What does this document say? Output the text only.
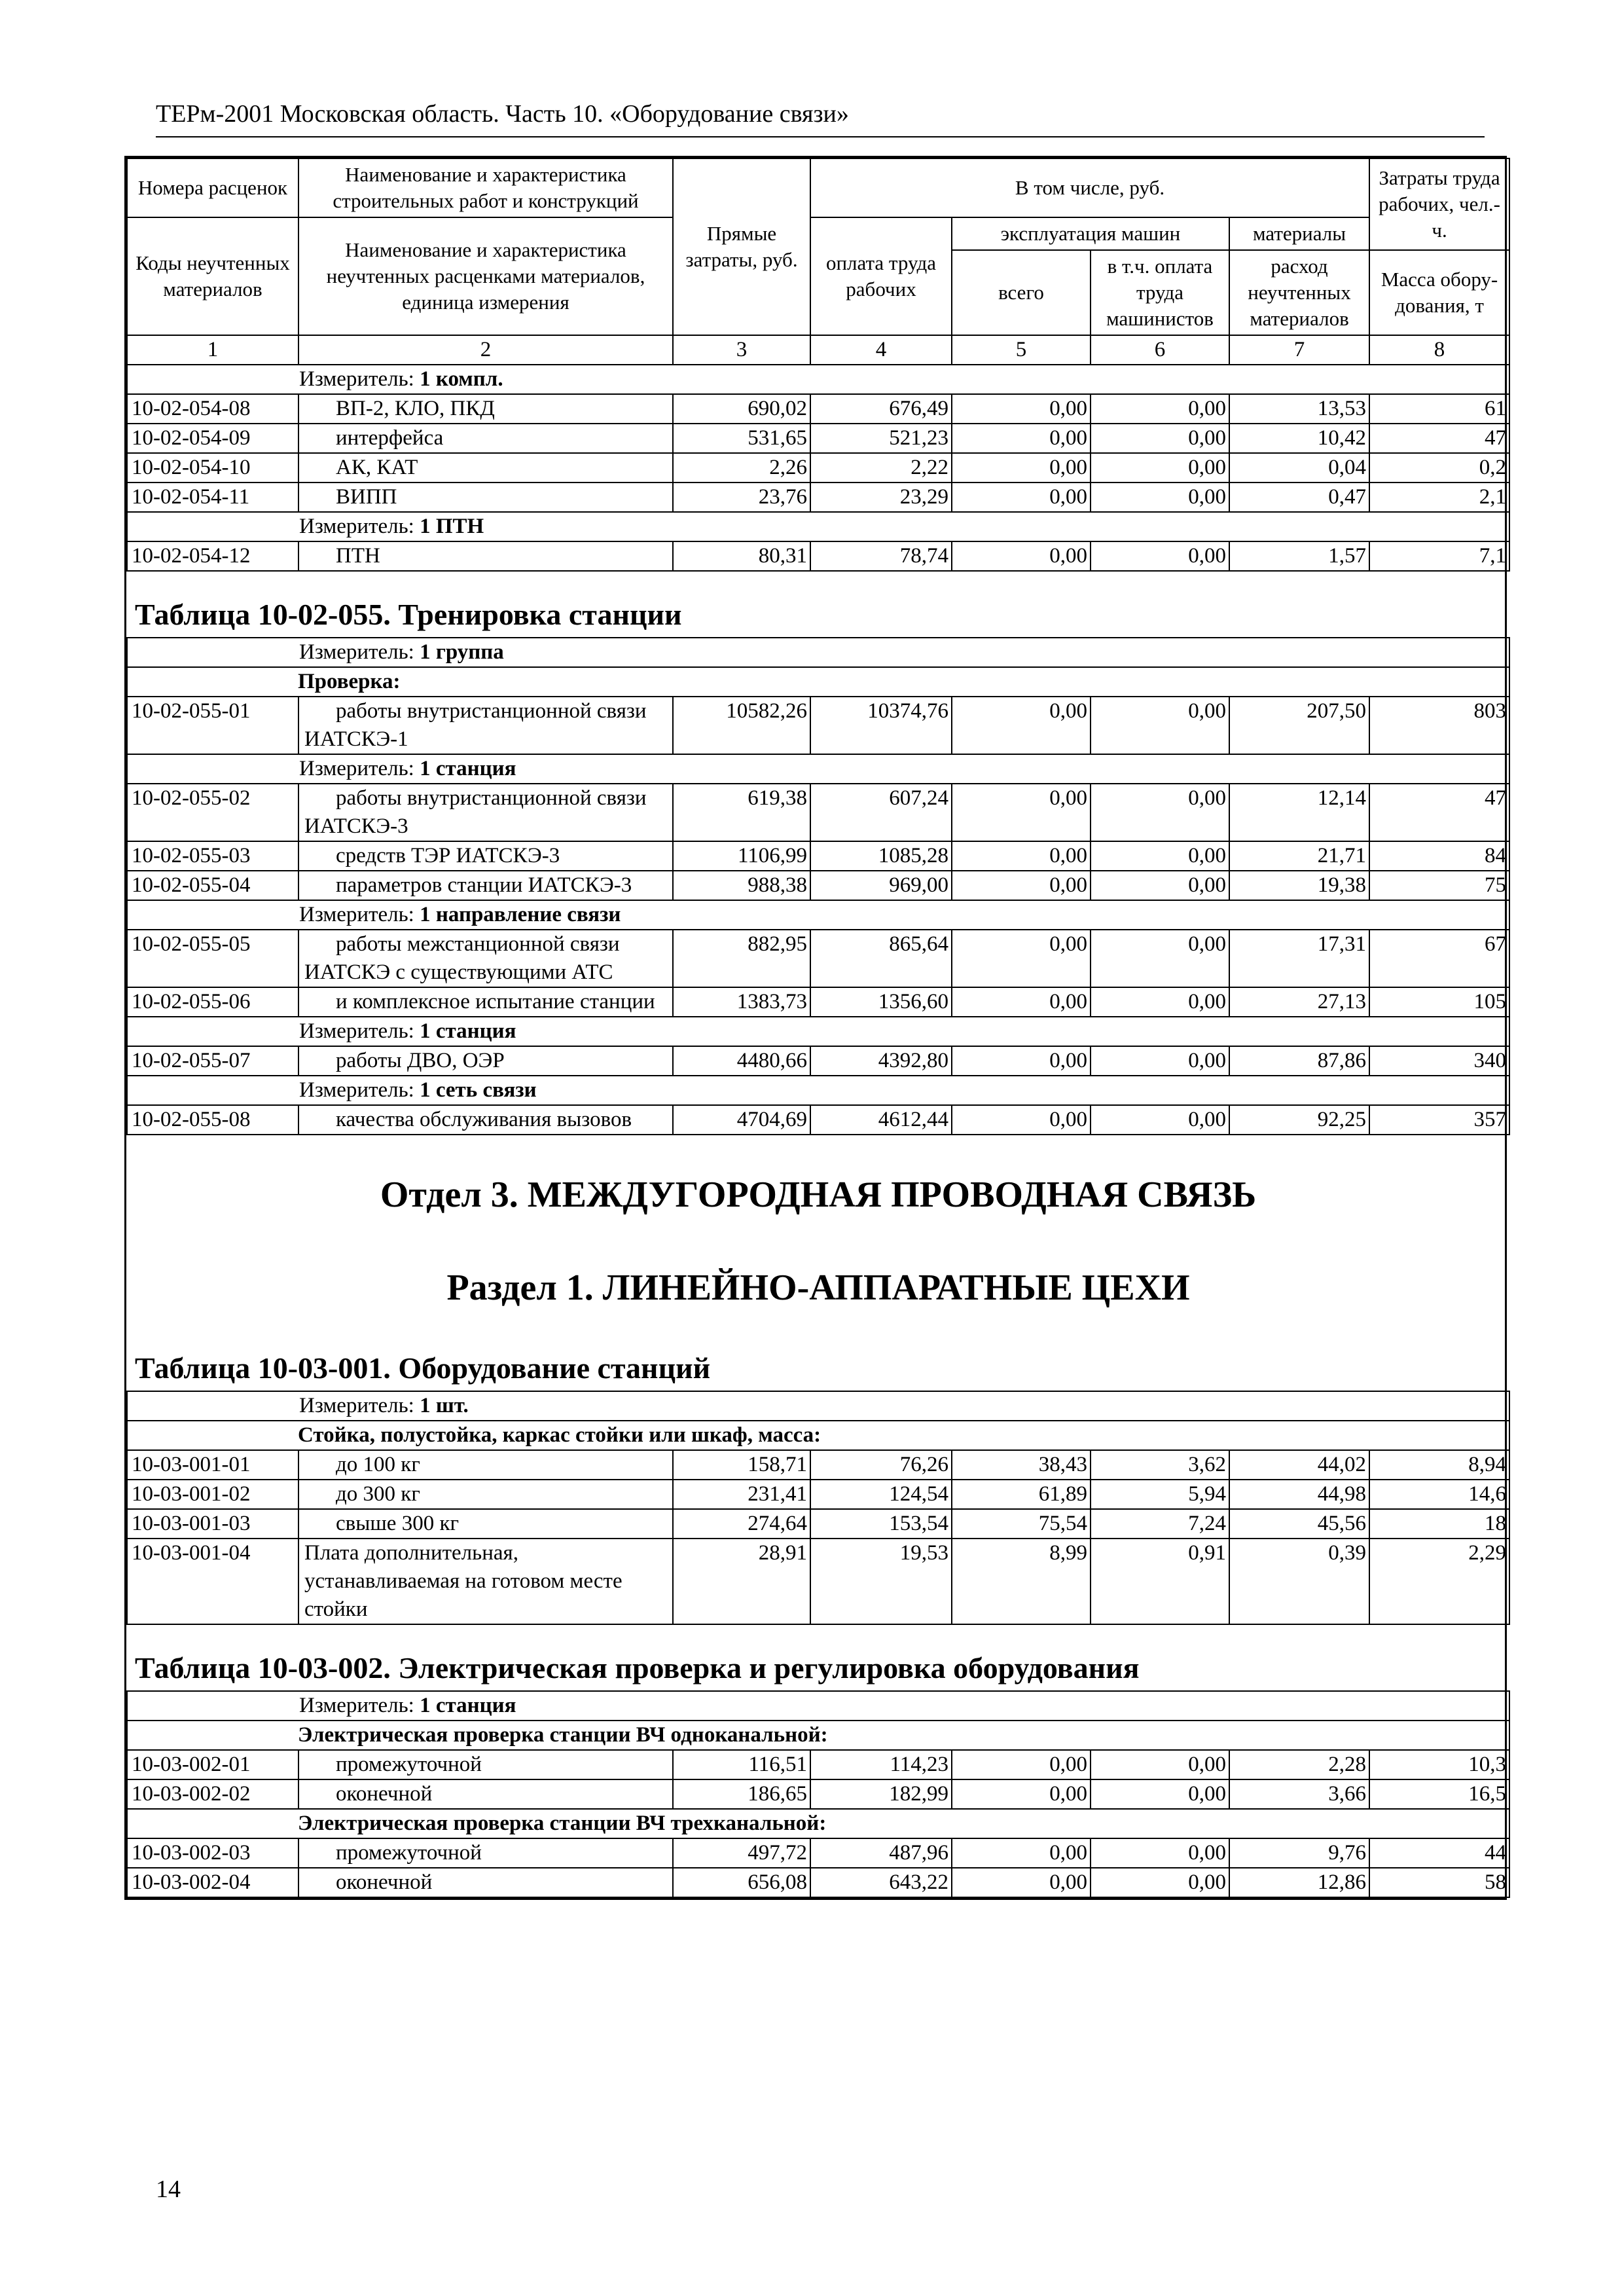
ТЕРм-2001 Московская область. Часть 10. «Оборудование связи»
Номера расценок	Наименование и характеристика строительных работ и конструкций	Прямые затраты, руб.	В том числе, руб.				Затраты труда рабочих, чел.-ч.
Коды неучтенных материалов	Наименование и характеристика неучтенных расценками материалов, единица измерения		оплата труда рабочих	эксплуатация машин		материалы	
				всего	в т.ч. оплата труда машинистов	расход неучтенных материалов	Масса обору-дования, т
1	2	3	4	5	6	7	8
Измеритель: 1 компл.							
10-02-054-08	ВП-2, КЛО, ПКД	690,02	676,49	0,00	0,00	13,53	61
10-02-054-09	интерфейса	531,65	521,23	0,00	0,00	10,42	47
10-02-054-10	АК, КАТ	2,26	2,22	0,00	0,00	0,04	0,2
10-02-054-11	ВИПП	23,76	23,29	0,00	0,00	0,47	2,1
Измеритель: 1 ПТН							
10-02-054-12	ПТН	80,31	78,74	0,00	0,00	1,57	7,1

Таблица 10-02-055. Тренировка станции							

Измеритель: 1 группа							
Проверка:							
10-02-055-01	работы внутристанционной связи ИАТСКЭ-1	10582,26	10374,76	0,00	0,00	207,50	803
Измеритель: 1 станция							
10-02-055-02	работы внутристанционной связи ИАТСКЭ-3	619,38	607,24	0,00	0,00	12,14	47
10-02-055-03	средств ТЭР ИАТСКЭ-3	1106,99	1085,28	0,00	0,00	21,71	84
10-02-055-04	параметров станции ИАТСКЭ-3	988,38	969,00	0,00	0,00	19,38	75
Измеритель: 1 направление связи							
10-02-055-05	работы межстанционной связи ИАТСКЭ с существующими АТС	882,95	865,64	0,00	0,00	17,31	67
10-02-055-06	и комплексное испытание станции	1383,73	1356,60	0,00	0,00	27,13	105
Измеритель: 1 станция							
10-02-055-07	работы ДВО, ОЭР	4480,66	4392,80	0,00	0,00	87,86	340
Измеритель: 1 сеть связи							
10-02-055-08	качества обслуживания вызовов	4704,69	4612,44	0,00	0,00	92,25	357

Отдел 3. МЕЖДУГОРОДНАЯ ПРОВОДНАЯ СВЯЗЬ
Раздел 1. ЛИНЕЙНО-АППАРАТНЫЕ ЦЕХИ
Таблица 10-03-001. Оборудование станций							

Измеритель: 1 шт.							
Стойка, полустойка, каркас стойки или шкаф, масса:							
10-03-001-01	до 100 кг	158,71	76,26	38,43	3,62	44,02	8,94
10-03-001-02	до 300 кг	231,41	124,54	61,89	5,94	44,98	14,6
10-03-001-03	свыше 300 кг	274,64	153,54	75,54	7,24	45,56	18
10-03-001-04	Плата дополнительная, устанавливаемая на готовом месте стойки	28,91	19,53	8,99	0,91	0,39	2,29

Таблица 10-03-002. Электрическая проверка и регулировка оборудования							

Измеритель: 1 станция							
Электрическая проверка станции ВЧ одноканальной:							
10-03-002-01	промежуточной	116,51	114,23	0,00	0,00	2,28	10,3
10-03-002-02	оконечной	186,65	182,99	0,00	0,00	3,66	16,5
Электрическая проверка станции ВЧ трехканальной:							
10-03-002-03	промежуточной	497,72	487,96	0,00	0,00	9,76	44
10-03-002-04	оконечной	656,08	643,22	0,00	0,00	12,86	58
14
